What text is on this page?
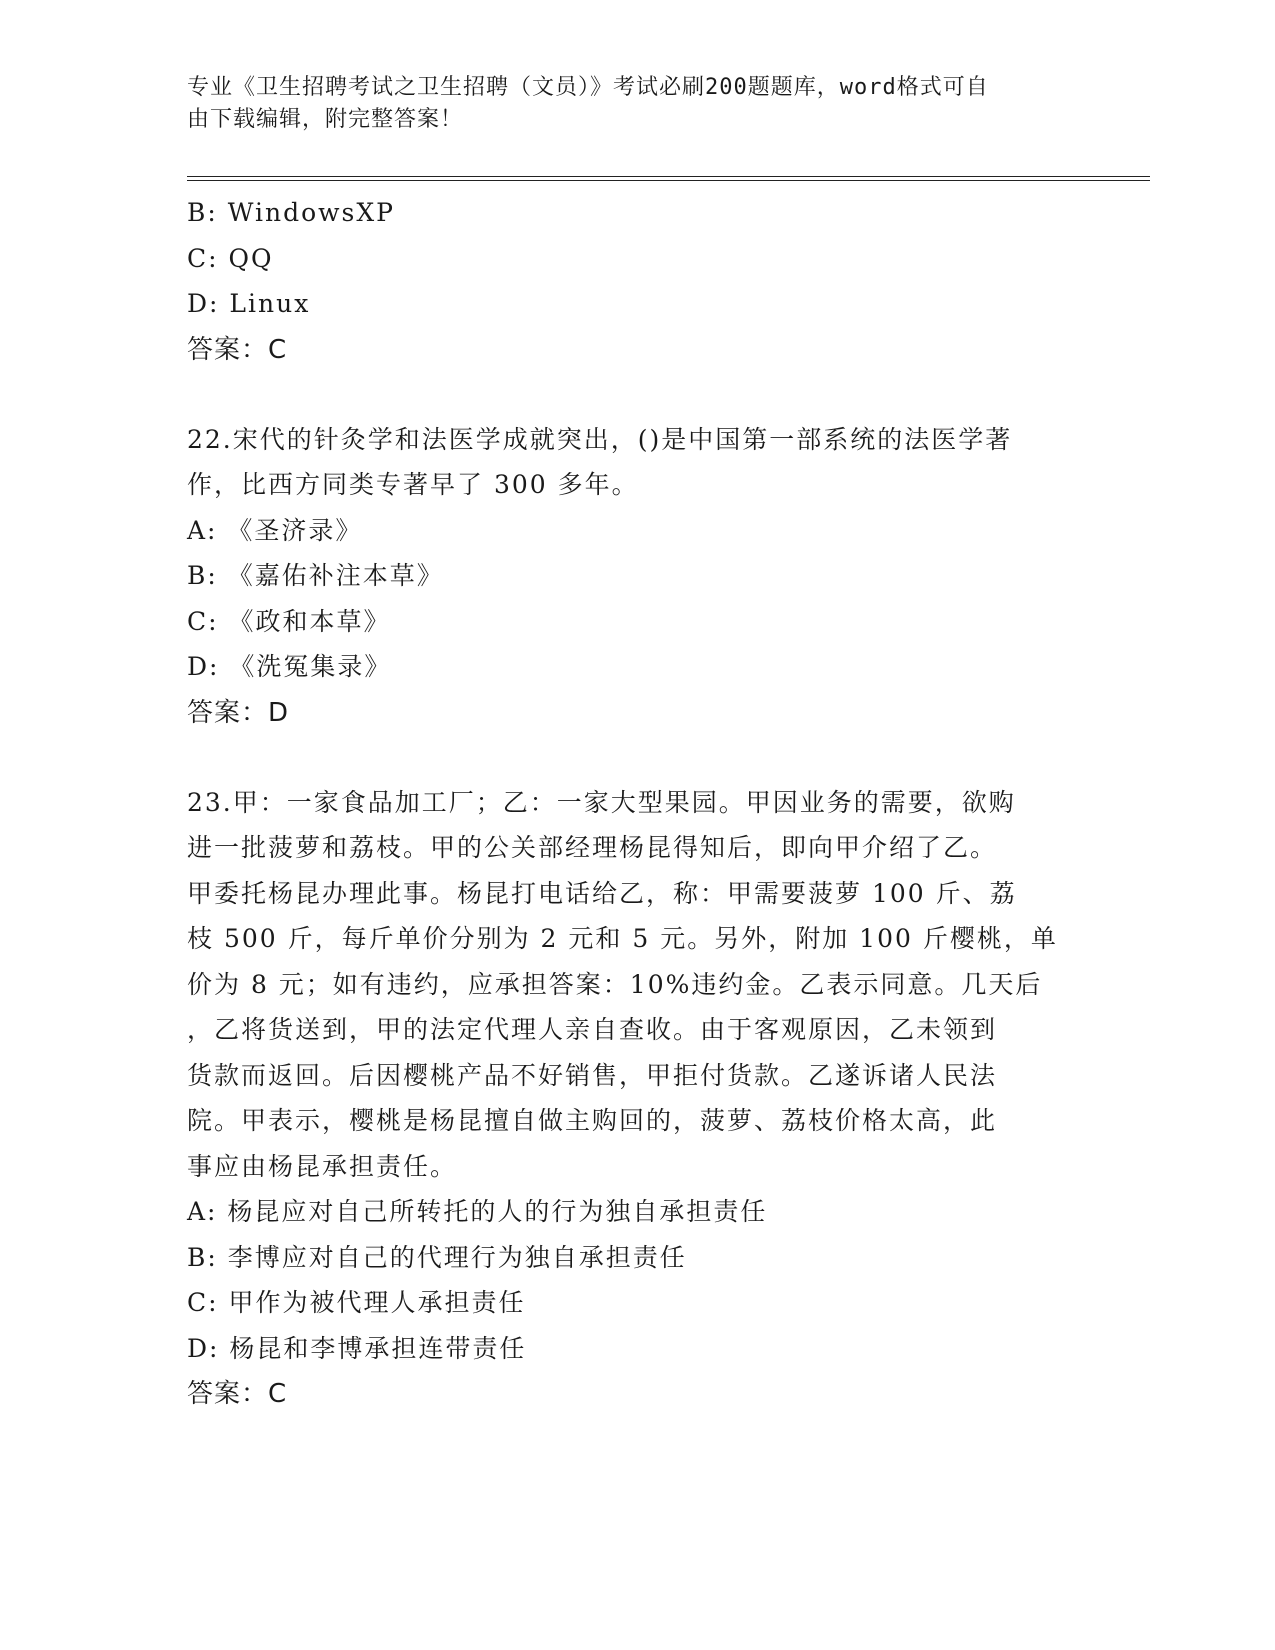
专业《卫生招聘考试之卫生招聘（文员）》考试必刷200题题库，word格式可自
由下载编辑，附完整答案！
B: WindowsXP
C: QQ
D: Linux
答案：C
22.宋代的针灸学和法医学成就突出，()是中国第一部系统的法医学著
作，比西方同类专著早了 300 多年。
A: 《圣济录》
B: 《嘉佑补注本草》
C: 《政和本草》
D: 《洗冤集录》
答案：D
23.甲：一家食品加工厂；乙：一家大型果园。甲因业务的需要，欲购
进一批菠萝和荔枝。甲的公关部经理杨昆得知后，即向甲介绍了乙。
甲委托杨昆办理此事。杨昆打电话给乙，称：甲需要菠萝 100 斤、荔
枝 500 斤，每斤单价分别为 2 元和 5 元。另外，附加 100 斤樱桃，单
价为 8 元；如有违约，应承担答案：10%违约金。乙表示同意。几天后
，乙将货送到，甲的法定代理人亲自查收。由于客观原因，乙未领到
货款而返回。后因樱桃产品不好销售，甲拒付货款。乙遂诉诸人民法
院。甲表示，樱桃是杨昆擅自做主购回的，菠萝、荔枝价格太高，此
事应由杨昆承担责任。
A: 杨昆应对自己所转托的人的行为独自承担责任
B: 李博应对自己的代理行为独自承担责任
C: 甲作为被代理人承担责任
D: 杨昆和李博承担连带责任
答案：C
